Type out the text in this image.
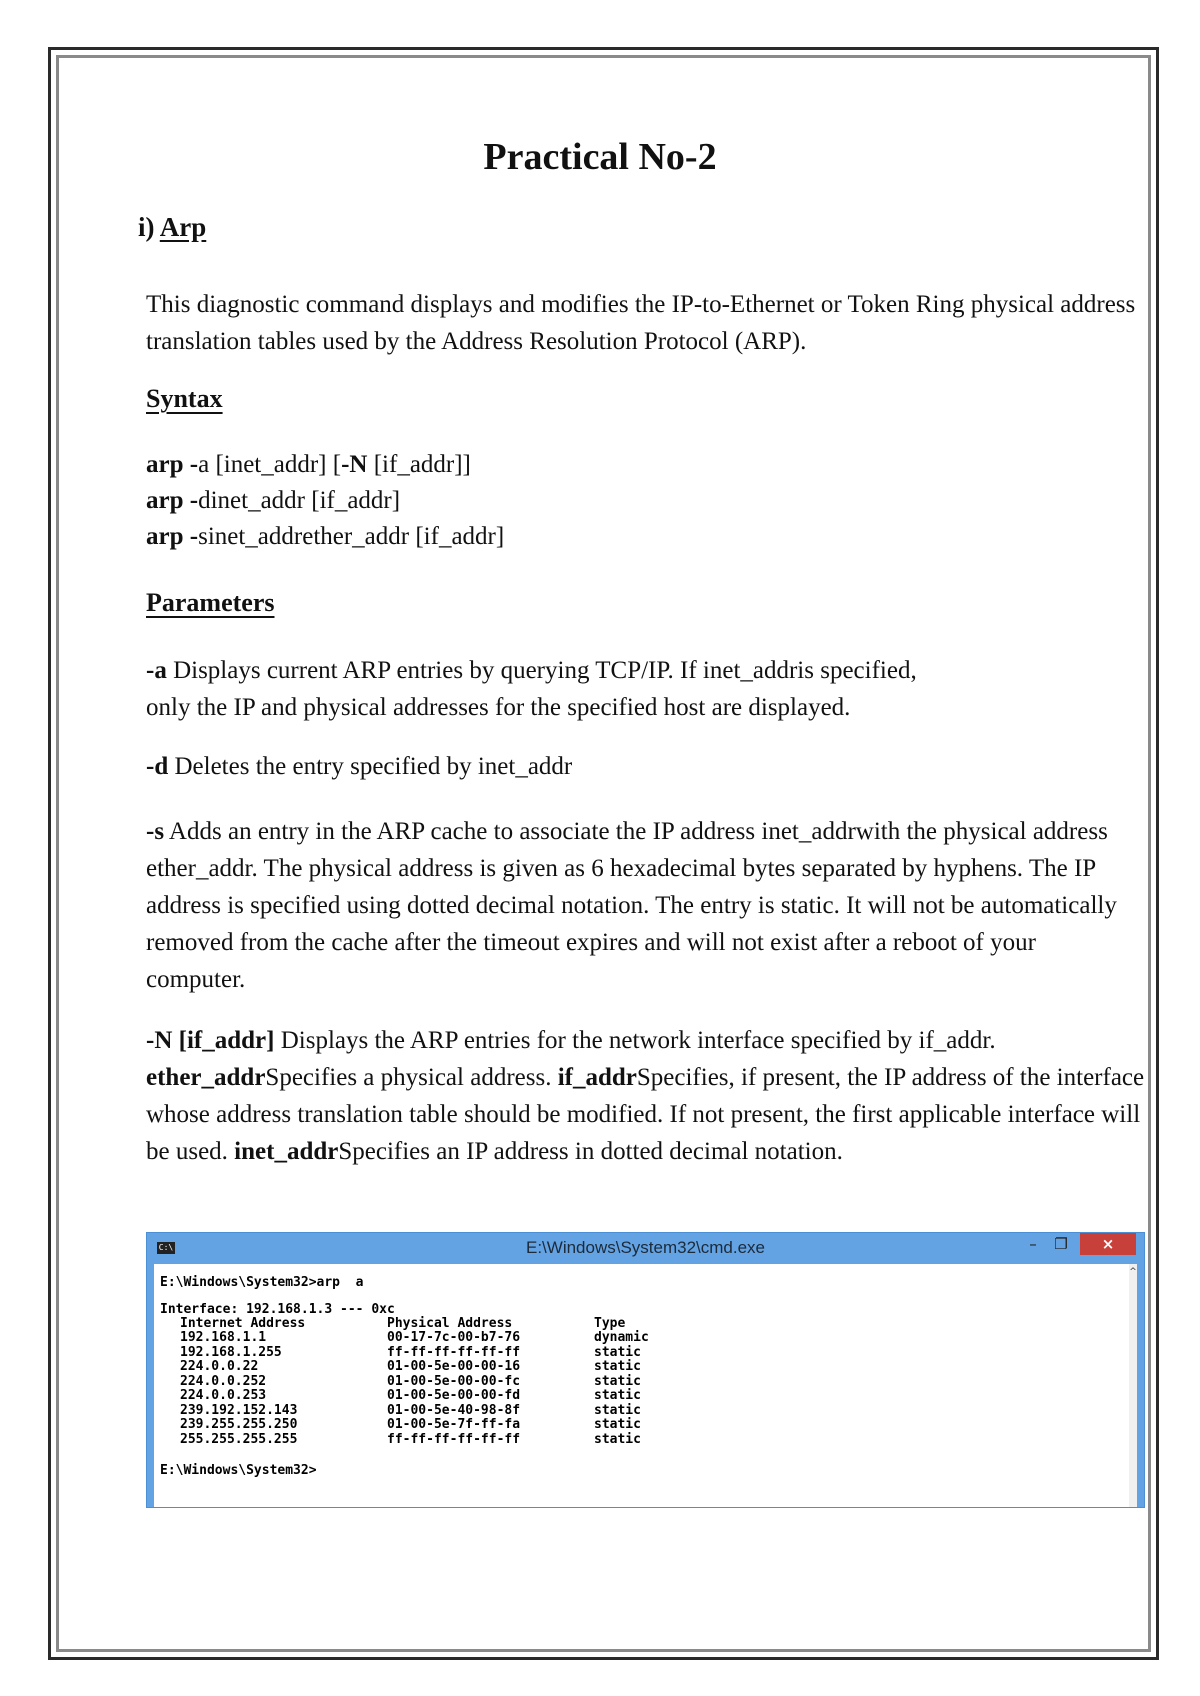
Practical No-2
i) Arp
This diagnostic command displays and modifies the IP-to-Ethernet or Token Ring physical address translation tables used by the Address Resolution Protocol (ARP).
Syntax
arp -a [inet_addr] [-N [if_addr]]
arp -dinet_addr [if_addr]
arp -sinet_addrether_addr [if_addr]
Parameters
-a Displays current ARP entries by querying TCP/IP. If inet_addris specified,
only the IP and physical addresses for the specified host are displayed.
-d Deletes the entry specified by inet_addr
-s Adds an entry in the ARP cache to associate the IP address inet_addrwith the physical address ether_addr. The physical address is given as 6 hexadecimal bytes separated by hyphens. The IP address is specified using dotted decimal notation. The entry is static. It will not be automatically removed from the cache after the timeout expires and will not exist after a reboot of your computer.
-N [if_addr] Displays the ARP entries for the network interface specified by if_addr.
ether_addrSpecifies a physical address. if_addrSpecifies, if present, the IP address of the interface whose address translation table should be modified. If not present, the first applicable interface will be used. inet_addrSpecifies an IP address in dotted decimal notation.
C:\	E:\Windows\System32\cmd.exe	–	❐	×
E:\Windows\System32>arp  a
Interface: 192.168.1.3 --- 0xc
Internet Address	Physical Address	Type
192.168.1.1	00-17-7c-00-b7-76	dynamic
192.168.1.255	ff-ff-ff-ff-ff-ff	static
224.0.0.22	01-00-5e-00-00-16	static
224.0.0.252	01-00-5e-00-00-fc	static
224.0.0.253	01-00-5e-00-00-fd	static
239.192.152.143	01-00-5e-40-98-8f	static
239.255.255.250	01-00-5e-7f-ff-fa	static
255.255.255.255	ff-ff-ff-ff-ff-ff	static
E:\Windows\System32>
^
